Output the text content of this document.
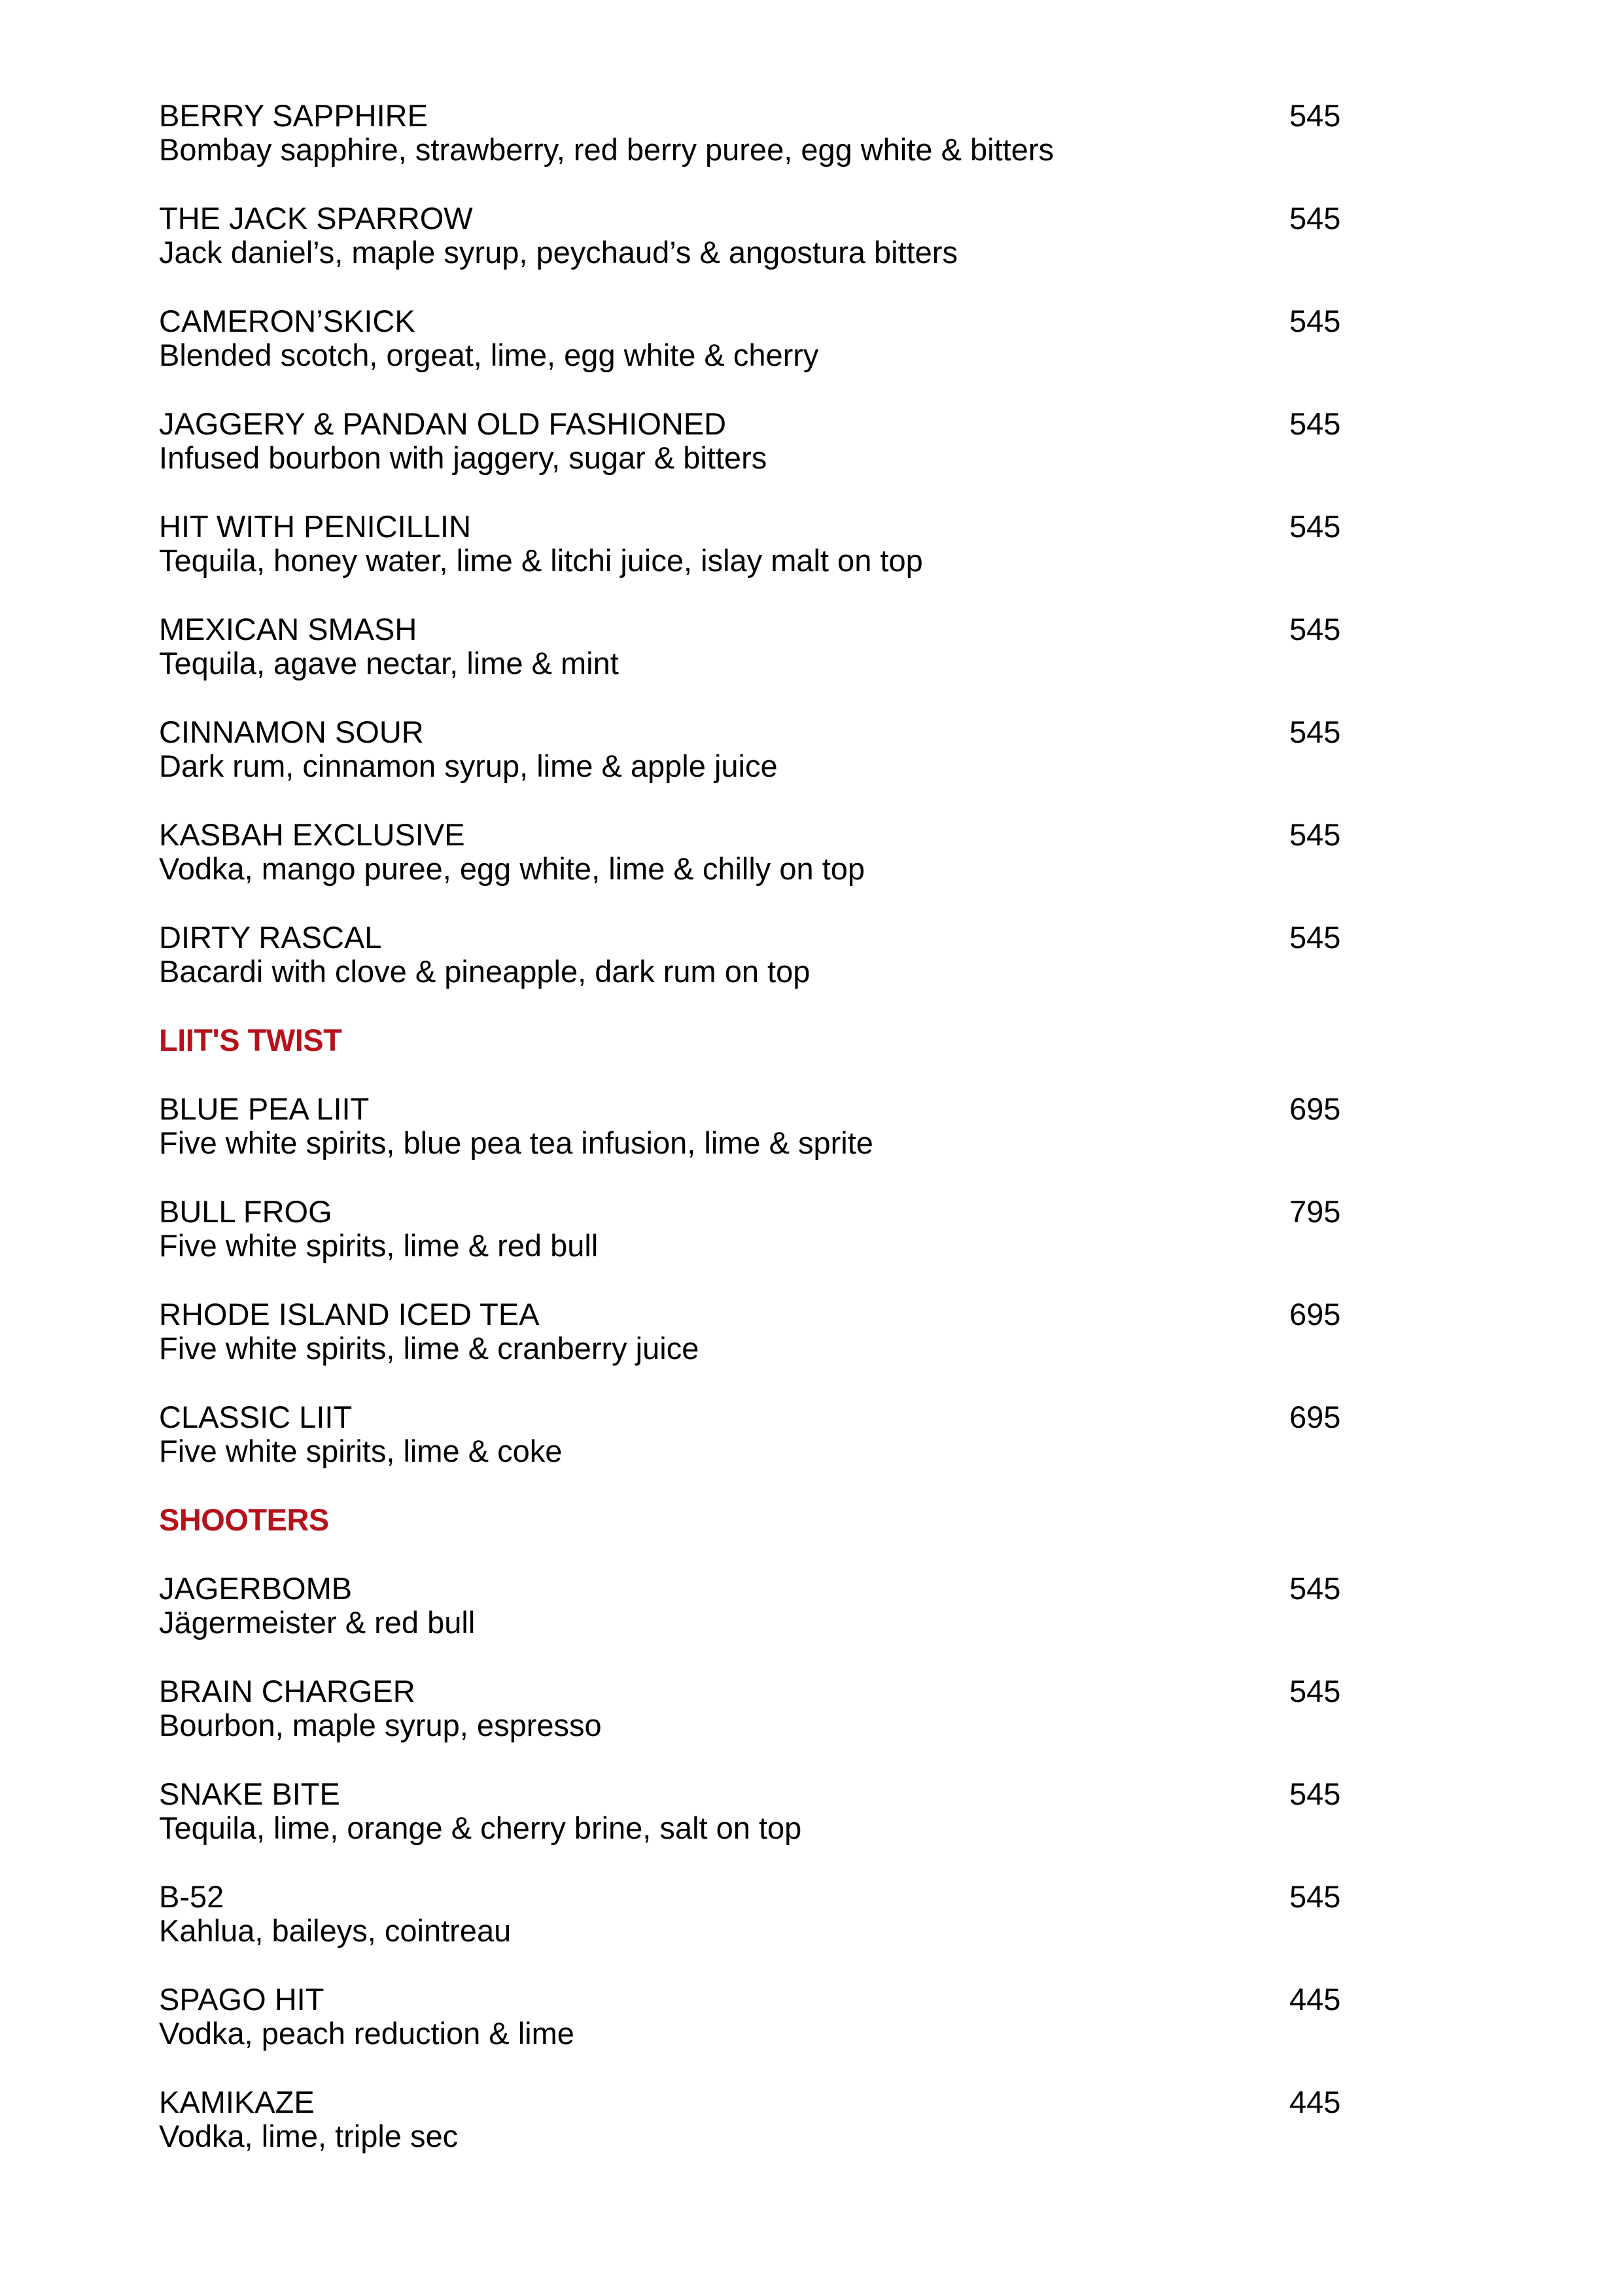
BERRY SAPPHIRE
Bombay sapphire, strawberry, red berry puree, egg white & bitters
545
THE JACK SPARROW
Jack daniel’s, maple syrup, peychaud’s & angostura bitters
545
CAMERON’SKICK
Blended scotch, orgeat, lime, egg white & cherry
545
JAGGERY & PANDAN OLD FASHIONED
Infused bourbon with jaggery, sugar & bitters
545
HIT WITH PENICILLIN
Tequila, honey water, lime & litchi juice, islay malt on top
545
MEXICAN SMASH
Tequila, agave nectar, lime & mint
545
CINNAMON SOUR
Dark rum, cinnamon syrup, lime & apple juice
545
KASBAH EXCLUSIVE
Vodka, mango puree, egg white, lime & chilly on top
545
DIRTY RASCAL
Bacardi with clove & pineapple, dark rum on top
545
LIIT'S TWIST
BLUE PEA LIIT
Five white spirits, blue pea tea infusion, lime & sprite
695
BULL FROG
Five white spirits, lime & red bull
795
RHODE ISLAND ICED TEA
Five white spirits, lime & cranberry juice
695
CLASSIC LIIT
Five white spirits, lime & coke
695
SHOOTERS
JAGERBOMB
Jägermeister & red bull
545
BRAIN CHARGER
Bourbon, maple syrup, espresso
545
SNAKE BITE
Tequila, lime, orange & cherry brine, salt on top
545
B-52
Kahlua, baileys, cointreau
545
SPAGO HIT
Vodka, peach reduction & lime
445
KAMIKAZE
Vodka, lime, triple sec
445
